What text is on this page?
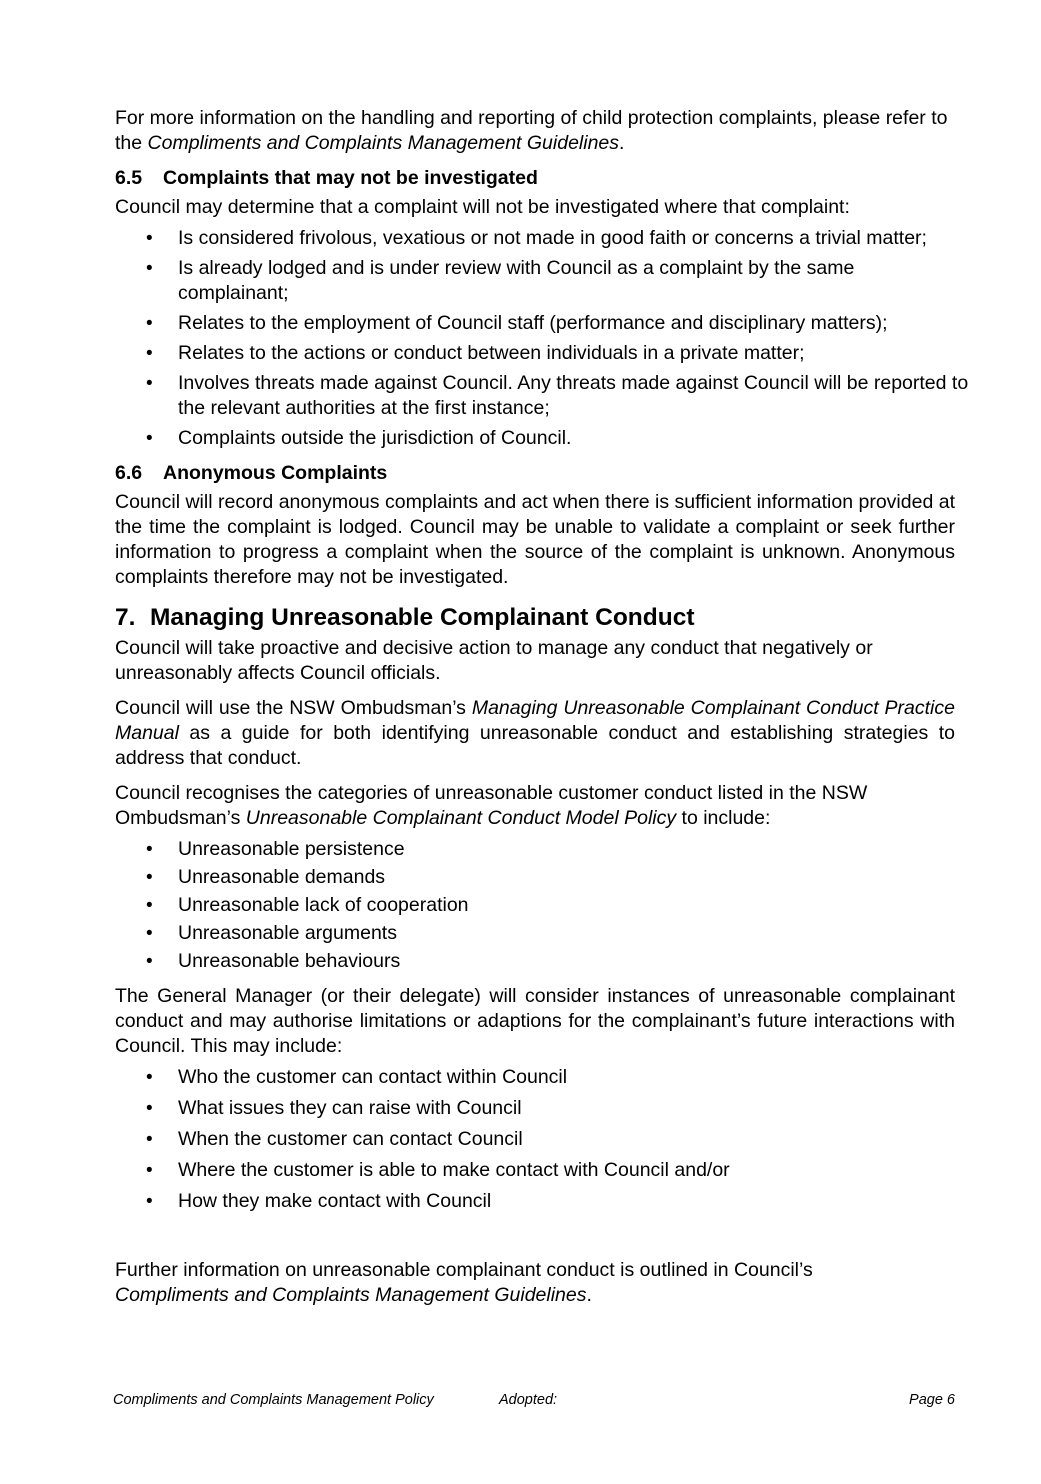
For more information on the handling and reporting of child protection complaints, please refer to the Compliments and Complaints Management Guidelines.

6.5 Complaints that may not be investigated

Council may determine that a complaint will not be investigated where that complaint:

• Is considered frivolous, vexatious or not made in good faith or concerns a trivial matter;
• Is already lodged and is under review with Council as a complaint by the same complainant;
• Relates to the employment of Council staff (performance and disciplinary matters);
• Relates to the actions or conduct between individuals in a private matter;
• Involves threats made against Council. Any threats made against Council will be reported to the relevant authorities at the first instance;
• Complaints outside the jurisdiction of Council.
6.6 Anonymous Complaints

Council will record anonymous complaints and act when there is sufficient information provided at the time the complaint is lodged. Council may be unable to validate a complaint or seek further information to progress a complaint when the source of the complaint is unknown. Anonymous complaints therefore may not be investigated.

7. Managing Unreasonable Complainant Conduct

Council will take proactive and decisive action to manage any conduct that negatively or unreasonably affects Council officials.

Council will use the NSW Ombudsman’s Managing Unreasonable Complainant Conduct Practice Manual as a guide for both identifying unreasonable conduct and establishing strategies to address that conduct.

Council recognises the categories of unreasonable customer conduct listed in the NSW Ombudsman’s Unreasonable Complainant Conduct Model Policy to include:

• Unreasonable persistence
• Unreasonable demands
• Unreasonable lack of cooperation
• Unreasonable arguments
• Unreasonable behaviours

The General Manager (or their delegate) will consider instances of unreasonable complainant conduct and may authorise limitations or adaptions for the complainant’s future interactions with Council. This may include:

• Who the customer can contact within Council
• What issues they can raise with Council
• When the customer can contact Council
• Where the customer is able to make contact with Council and/or
• How they make contact with Council

Further information on unreasonable complainant conduct is outlined in Council’s
Compliments and Complaints Management Guidelines.

Compliments and Complaints Management Policy	Adopted:	Page 6
